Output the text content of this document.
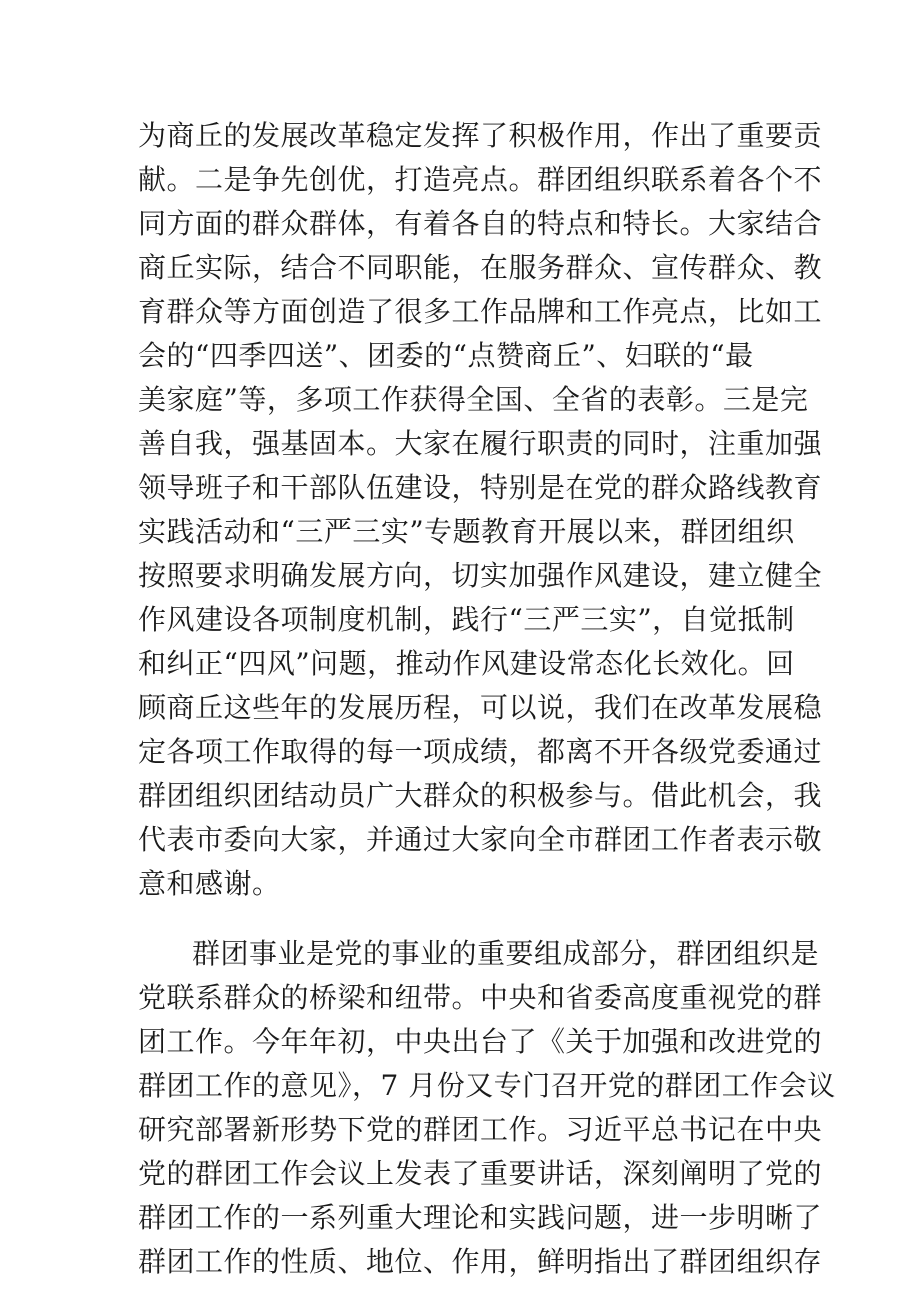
为商丘的发展改革稳定发挥了积极作用，作出了重要贡
献。二是争先创优，打造亮点。群团组织联系着各个不
同方面的群众群体，有着各自的特点和特长。大家结合
商丘实际，结合不同职能，在服务群众、宣传群众、教
育群众等方面创造了很多工作品牌和工作亮点，比如工
会的“四季四送”、团委的“点赞商丘”、妇联的“最
美家庭”等，多项工作获得全国、全省的表彰。三是完
善自我，强基固本。大家在履行职责的同时，注重加强
领导班子和干部队伍建设，特别是在党的群众路线教育
实践活动和“三严三实”专题教育开展以来，群团组织
按照要求明确发展方向，切实加强作风建设，建立健全
作风建设各项制度机制，践行“三严三实”，自觉抵制
和纠正“四风”问题，推动作风建设常态化长效化。回
顾商丘这些年的发展历程，可以说，我们在改革发展稳
定各项工作取得的每一项成绩，都离不开各级党委通过
群团组织团结动员广大群众的积极参与。借此机会，我
代表市委向大家，并通过大家向全市群团工作者表示敬
意和感谢。
群团事业是党的事业的重要组成部分，群团组织是
党联系群众的桥梁和纽带。中央和省委高度重视党的群
团工作。今年年初，中央出台了《关于加强和改进党的
群团工作的意见》，7 月份又专门召开党的群团工作会议
研究部署新形势下党的群团工作。习近平总书记在中央
党的群团工作会议上发表了重要讲话，深刻阐明了党的
群团工作的一系列重大理论和实践问题，进一步明晰了
群团工作的性质、地位、作用，鲜明指出了群团组织存
